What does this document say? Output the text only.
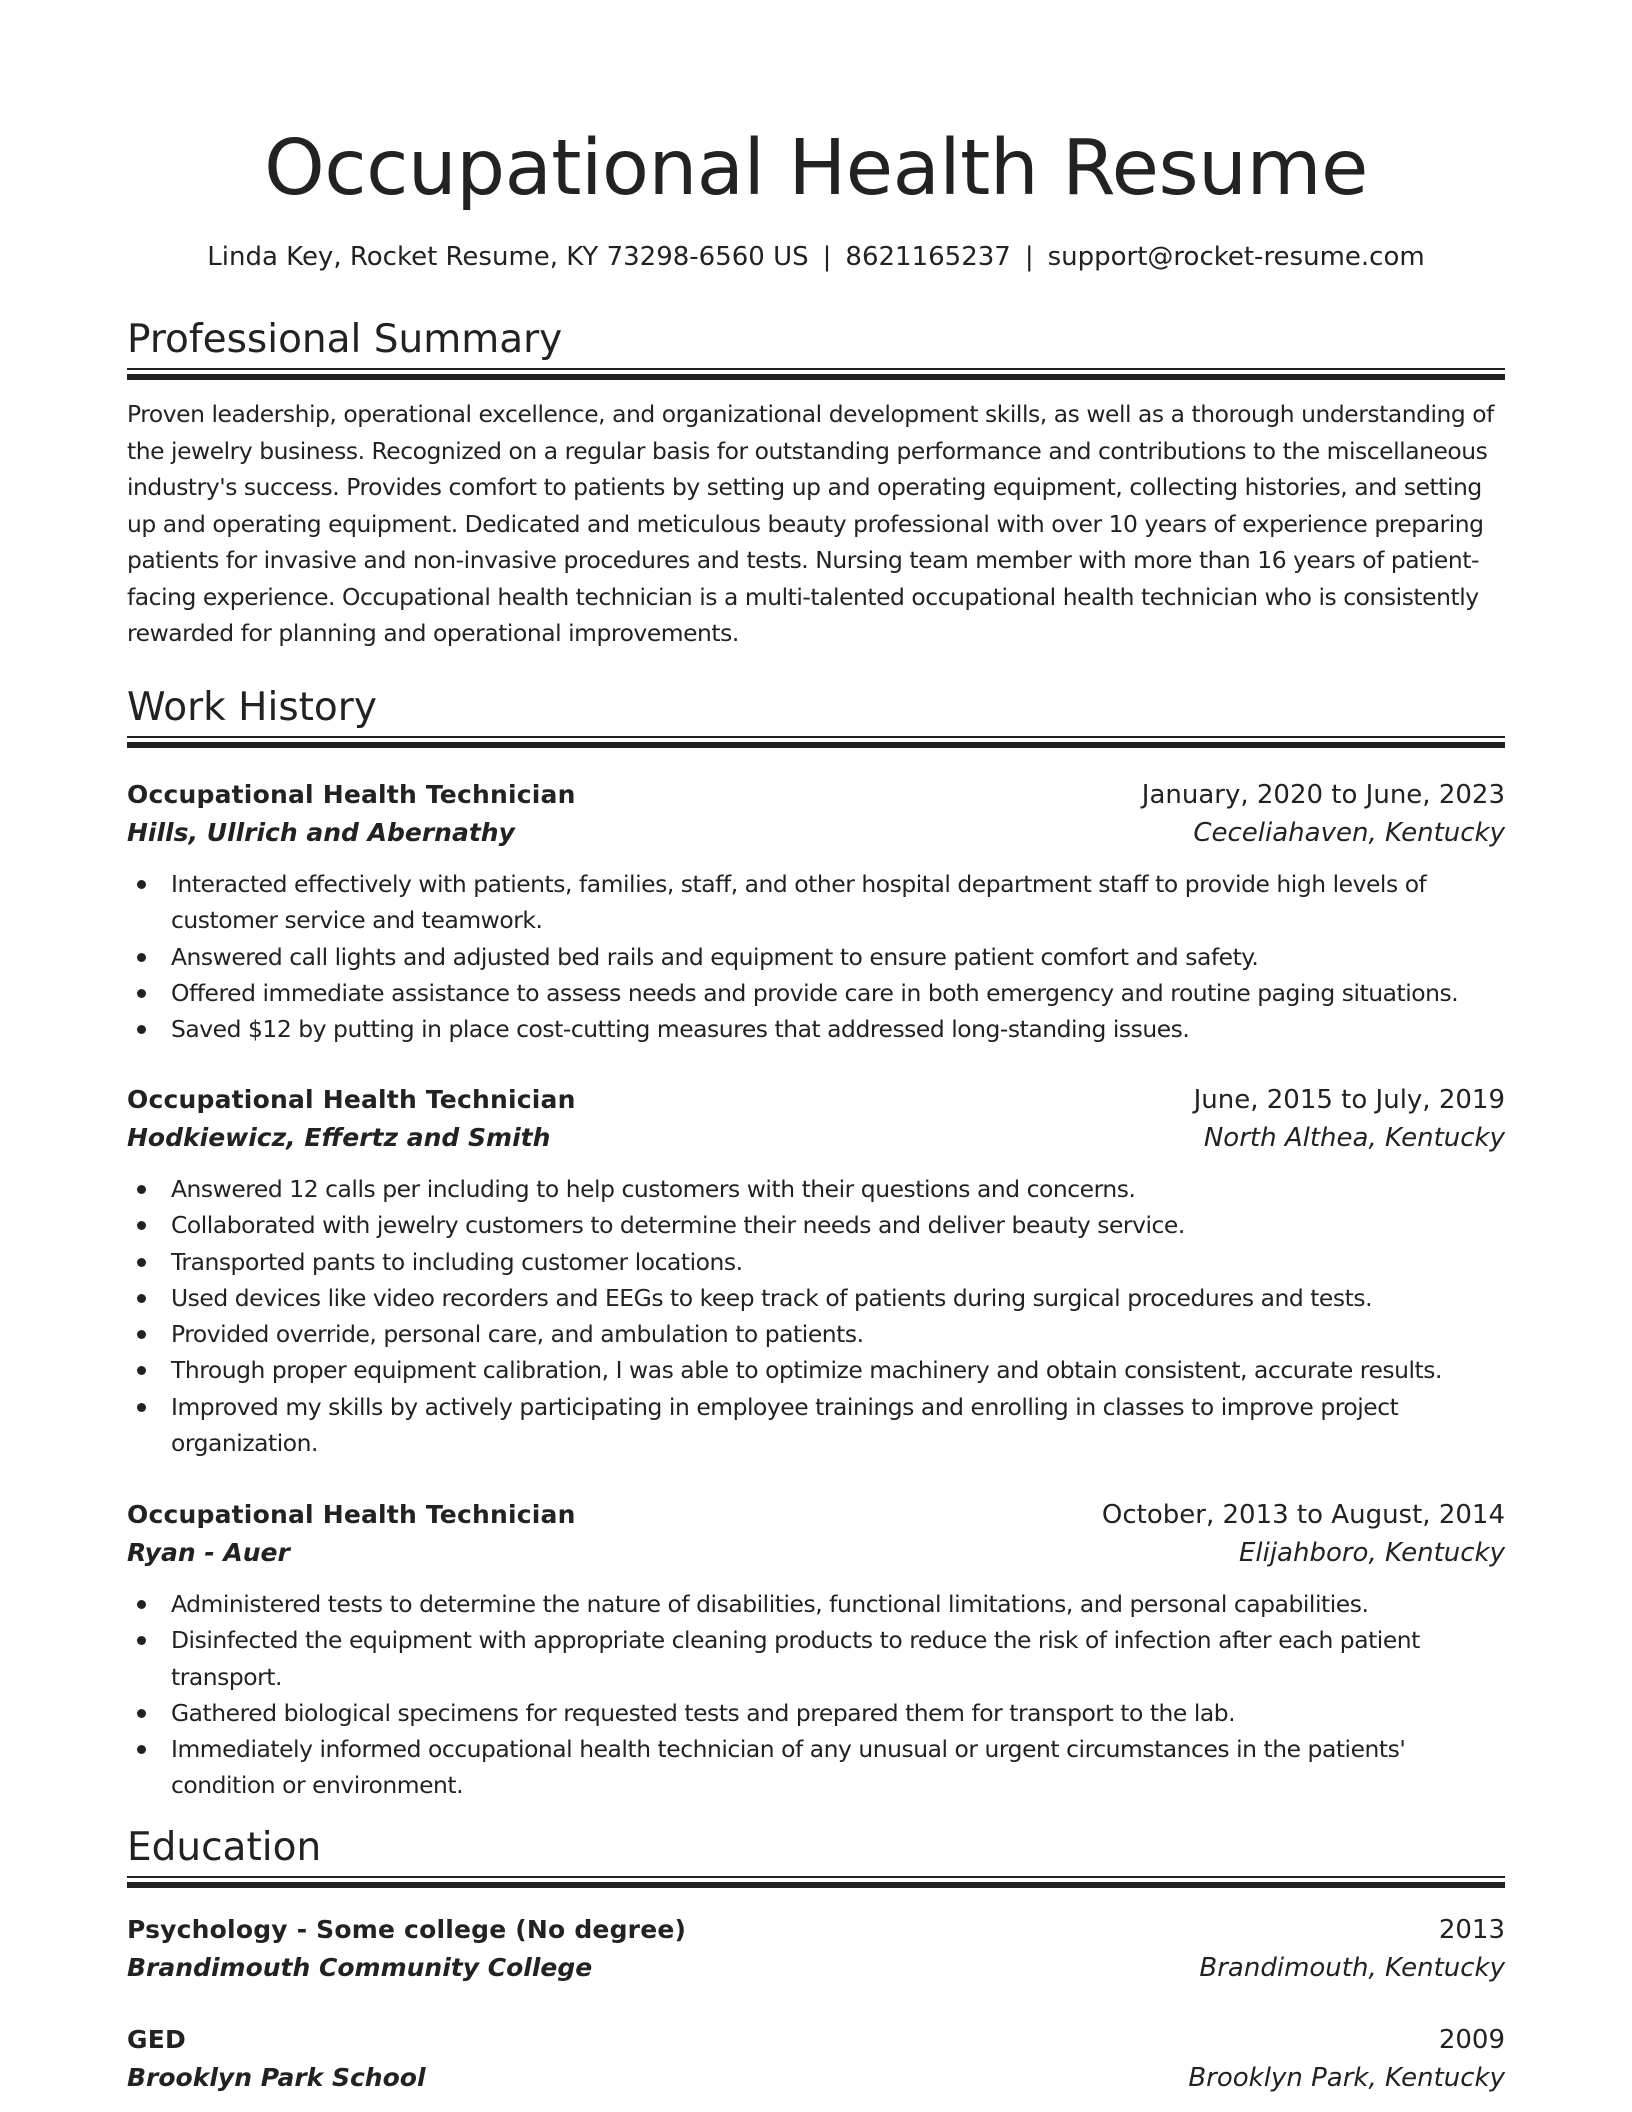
Occupational Health Resume
Linda Key, Rocket Resume, KY 73298-6560 US | 8621165237 | support@rocket-resume.com
Professional Summary

Proven leadership, operational excellence, and organizational development skills, as well as a thorough understanding of the jewelry business. Recognized on a regular basis for outstanding performance and contributions to the miscellaneous industry's success. Provides comfort to patients by setting up and operating equipment, collecting histories, and setting up and operating equipment. Dedicated and meticulous beauty professional with over 10 years of experience preparing patients for invasive and non-invasive procedures and tests. Nursing team member with more than 16 years of patient-facing experience. Occupational health technician is a multi-talented occupational health technician who is consistently rewarded for planning and operational improvements.

Work History
Occupational Health Technician	January, 2020 to June, 2023
Hills, Ullrich and Abernathy	Ceceliahaven, Kentucky
Interacted effectively with patients, families, staff, and other hospital department staff to provide high levels of customer service and teamwork.
Answered call lights and adjusted bed rails and equipment to ensure patient comfort and safety.
Offered immediate assistance to assess needs and provide care in both emergency and routine paging situations.
Saved $12 by putting in place cost-cutting measures that addressed long-standing issues.
Occupational Health Technician	June, 2015 to July, 2019
Hodkiewicz, Effertz and Smith	North Althea, Kentucky
Answered 12 calls per including to help customers with their questions and concerns.
Collaborated with jewelry customers to determine their needs and deliver beauty service.
Transported pants to including customer locations.
Used devices like video recorders and EEGs to keep track of patients during surgical procedures and tests.
Provided override, personal care, and ambulation to patients.
Through proper equipment calibration, I was able to optimize machinery and obtain consistent, accurate results.
Improved my skills by actively participating in employee trainings and enrolling in classes to improve project organization.
Occupational Health Technician	October, 2013 to August, 2014
Ryan - Auer	Elijahboro, Kentucky
Administered tests to determine the nature of disabilities, functional limitations, and personal capabilities.
Disinfected the equipment with appropriate cleaning products to reduce the risk of infection after each patient transport.
Gathered biological specimens for requested tests and prepared them for transport to the lab.
Immediately informed occupational health technician of any unusual or urgent circumstances in the patients' condition or environment.
Education
Psychology - Some college (No degree)	2013
Brandimouth Community College	Brandimouth, Kentucky
GED	2009
Brooklyn Park School	Brooklyn Park, Kentucky
